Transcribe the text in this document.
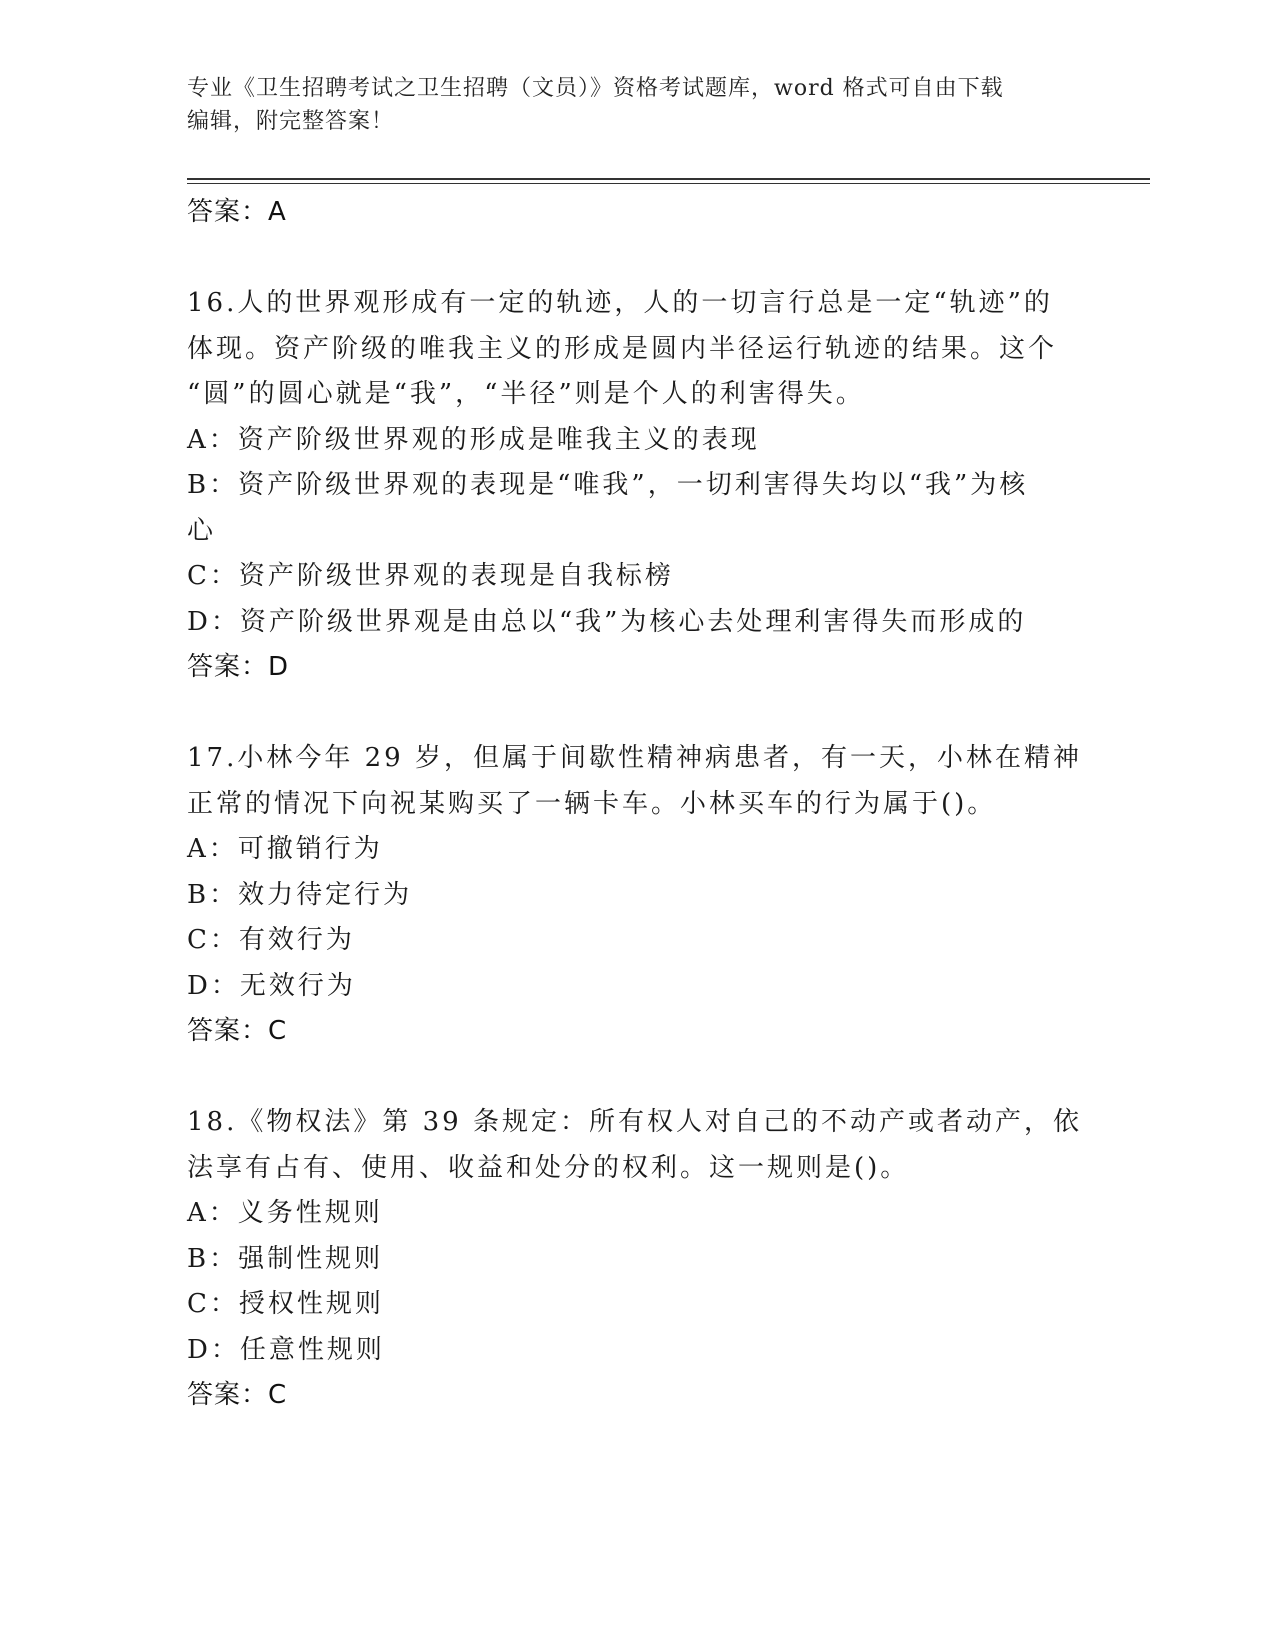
专业《卫生招聘考试之卫生招聘（文员）》资格考试题库，word 格式可自由下载
编辑，附完整答案！
答案：A
16.人的世界观形成有一定的轨迹，人的一切言行总是一定“轨迹”的
体现。资产阶级的唯我主义的形成是圆内半径运行轨迹的结果。这个
“圆”的圆心就是“我”，“半径”则是个人的利害得失。
A：资产阶级世界观的形成是唯我主义的表现
B：资产阶级世界观的表现是“唯我”，一切利害得失均以“我”为核
心
C：资产阶级世界观的表现是自我标榜
D：资产阶级世界观是由总以“我”为核心去处理利害得失而形成的
答案：D
17.小林今年 29 岁，但属于间歇性精神病患者，有一天，小林在精神
正常的情况下向祝某购买了一辆卡车。小林买车的行为属于()。
A：可撤销行为
B：效力待定行为
C：有效行为
D：无效行为
答案：C
18.《物权法》第 39 条规定：所有权人对自己的不动产或者动产，依
法享有占有、使用、收益和处分的权利。这一规则是()。
A：义务性规则
B：强制性规则
C：授权性规则
D：任意性规则
答案：C
